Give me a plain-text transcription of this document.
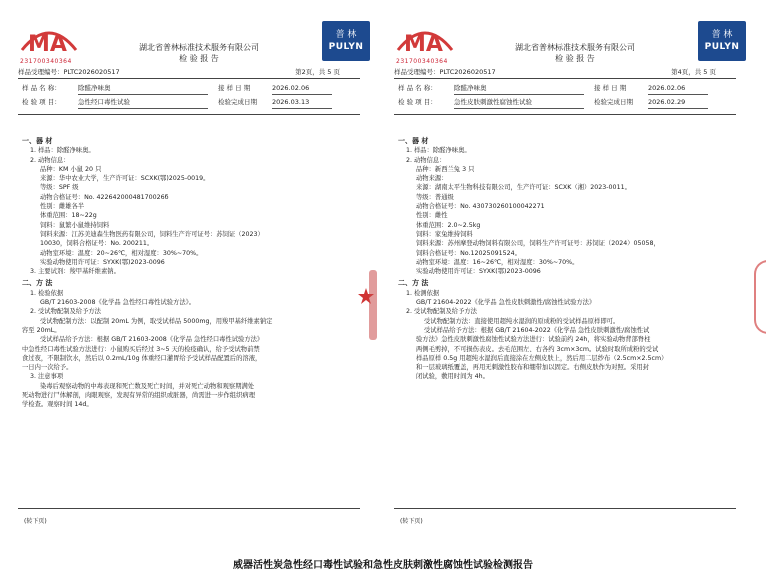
MA
231700340364
湖北省普林标准技术服务有限公司
检 验 报 告
普 林
PULYN
样品受理编号：PLTC2026020517	第2页，共 5 页
样 品 名 称：	除醛净味奥	接 样 日 期	2026.02.06
检 验 项 目：	急性经口毒性试验	检验完成日期 2026.03.13

一、器 材

1. 样品：除醛净味奥。

2. 动物信息：

品种：KM 小鼠 20 只

来源：华中农业大学，生产许可证：SCXK(鄂)2025-0019。

等级：SPF 级

动物合格证号：No. 42264200048170026б

性别：雌雄各半

体重范围：18~22g

饲料：鼠繁小鼠维持饲料

饲料来源：江苏美迪森生物医药有限公司，饲料生产许可证号：苏饲证（2023）

10030，饲料合格证号：No. 200211。

动物室环境：温度：20~26℃，相对湿度：30%~70%。

实验动物使用许可证：SYXK(鄂)2023-0096

3. 主要试剂：羧甲基纤维素钠。

二、方 法

1. 检验依据

GB/T 21603-2008《化学品 急性经口毒性试验方法》。

2. 受试物配制及给予方法

受试物配制方法：以配制 20mL 为例，取受试样品 5000mg，用羧甲基纤维素钠定

容至 20mL。

受试样品给予方法：根据 GB/T 21603-2008《化学品 急性经口毒性试验方法》

中急性经口毒性试验方法进行：小鼠购买后经过 3~5 天的检疫确认，给予受试物前禁

食过夜，不限制饮水，然后以 0.2mL/10g 体重经口灌胃给予受试样品配置后的溶液，

一日内一次给予。

3. 注意事项

染毒后观察动物的中毒表现和死亡数及死亡时间，并对死亡动物和观察期满处

死动物进行尸体解剖，肉眼观察，发现有异常的组织或脏器，尚需进一步作组织病理

学检查。观察时间 14d。

(转下页)
MA
231700340364
湖北省普林标准技术服务有限公司
检 验 报 告
普 林
PULYN
样品受理编号：PLTC2026020517	第4页，共 5 页
样 品 名 称：	除醛净味奥	接 样 日 期	2026.02.06
检 验 项 目：	急性皮肤刺激性腐蚀性试验	检验完成日期 2026.02.29

一、器 材

1. 样品：除醛净味奥。

2. 动物信息：

品种：新西兰兔 3 只

动物来源：

来源：湖南太平生物科技有限公司，生产许可证：SCXK（湘）2023-0011。

等级：普通级

动物合格证号：No. 430730260100042271

性别：雌性

体重范围：2.0~2.5kg

饲料：家兔维持饲料

饲料来源：苏州摩登动物饲料有限公司，饲料生产许可证号：苏饲证（2024）05058，

饲料合格证号：No.12025091524。

动物室环境：温度：16~26℃，相对湿度：30%~70%。

实验动物使用许可证：SYXK(鄂)2023-0096

二、方 法

1. 检测依据

GB/T 21604-2022《化学品 急性皮肤刺激性/腐蚀性试验方法》

2. 受试物配制及给予方法

受试物配制方法：直接使用超纯水湿润的原成粉的受试样品原样即可。

受试样品给予方法：根据 GB/T 21604-2022《化学品 急性皮肤刺激性/腐蚀性试

验方法》急性皮肤刺激性腐蚀性试验方法进行：试验前约 24h，将实验动物背部脊柱

两侧毛剪掉，不可损伤表皮。去毛范围左、右各约 3cm×3cm。试验时取所成粉的受试

样品原样 0.5g 用超纯水湿润后直接涂在左侧皮肤上，然后用二层纱布（2.5cm×2.5cm）

和一层玻璃纸覆盖，再用无刺激性胶布和绷带加以固定。右侧皮肤作为对照。采用封

闭试验，敷用时间为 4h。

(转下页)
威器活性炭急性经口毒性试验和急性皮肤刺激性腐蚀性试验检测报告
